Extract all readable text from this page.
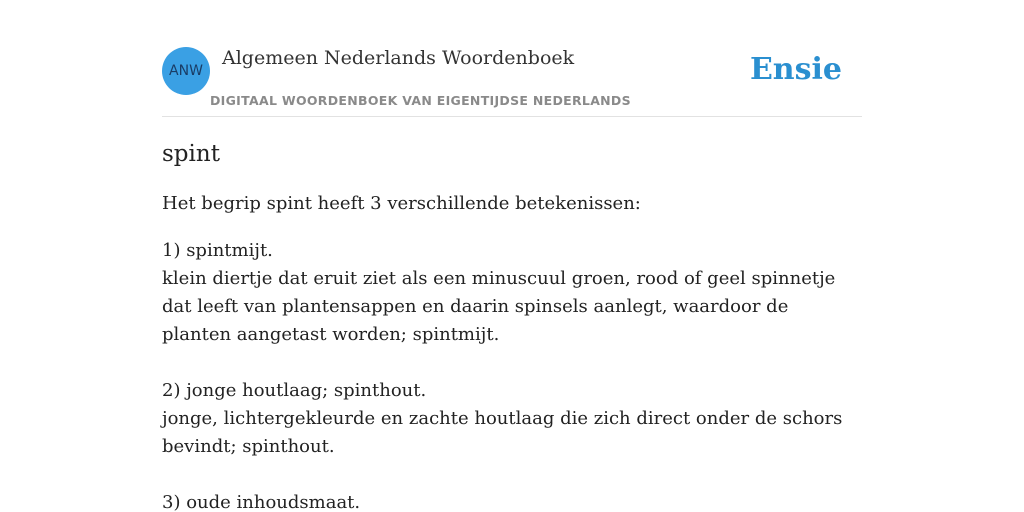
ANW
Algemeen Nederlands Woordenboek
DIGITAAL WOORDENBOEK VAN EIGENTIJDSE NEDERLANDS
Ensie
spint

Het begrip spint heeft 3 verschillende betekenissen:

1) spintmijt.
klein diertje dat eruit ziet als een minuscuul groen, rood of geel spinnetje dat leeft van plantensappen en daarin spinsels aanlegt, waardoor de planten aangetast worden; spintmijt.
2) jonge houtlaag; spinthout.
jonge, lichtergekleurde en zachte houtlaag die zich direct onder de schors bevindt; spinthout.
3) oude inhoudsmaat.
